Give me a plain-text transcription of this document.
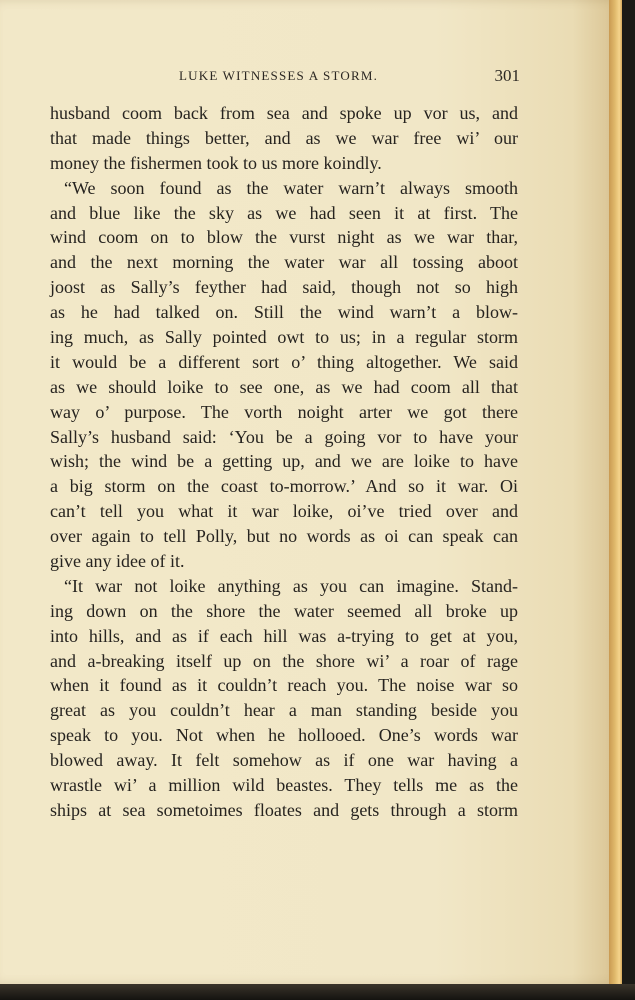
LUKE WITNESSES A STORM.	301
husband coom back from sea and spoke up vor us, and
that made things better, and as we war free wi’ our
money the fishermen took to us more koindly.
“We soon found as the water warn’t always smooth
and blue like the sky as we had seen it at first. The
wind coom on to blow the vurst night as we war thar,
and the next morning the water war all tossing aboot
joost as Sally’s feyther had said, though not so high
as he had talked on. Still the wind warn’t a blow-
ing much, as Sally pointed owt to us; in a regular storm
it would be a different sort o’ thing altogether. We said
as we should loike to see one, as we had coom all that
way o’ purpose. The vorth noight arter we got there
Sally’s husband said: ‘You be a going vor to have your
wish; the wind be a getting up, and we are loike to have
a big storm on the coast to-morrow.’ And so it war. Oi
can’t tell you what it war loike, oi’ve tried over and
over again to tell Polly, but no words as oi can speak can
give any idee of it.
“It war not loike anything as you can imagine. Stand-
ing down on the shore the water seemed all broke up
into hills, and as if each hill was a-trying to get at you,
and a-breaking itself up on the shore wi’ a roar of rage
when it found as it couldn’t reach you. The noise war so
great as you couldn’t hear a man standing beside you
speak to you. Not when he hollooed. One’s words war
blowed away. It felt somehow as if one war having a
wrastle wi’ a million wild beastes. They tells me as the
ships at sea sometoimes floates and gets through a storm
